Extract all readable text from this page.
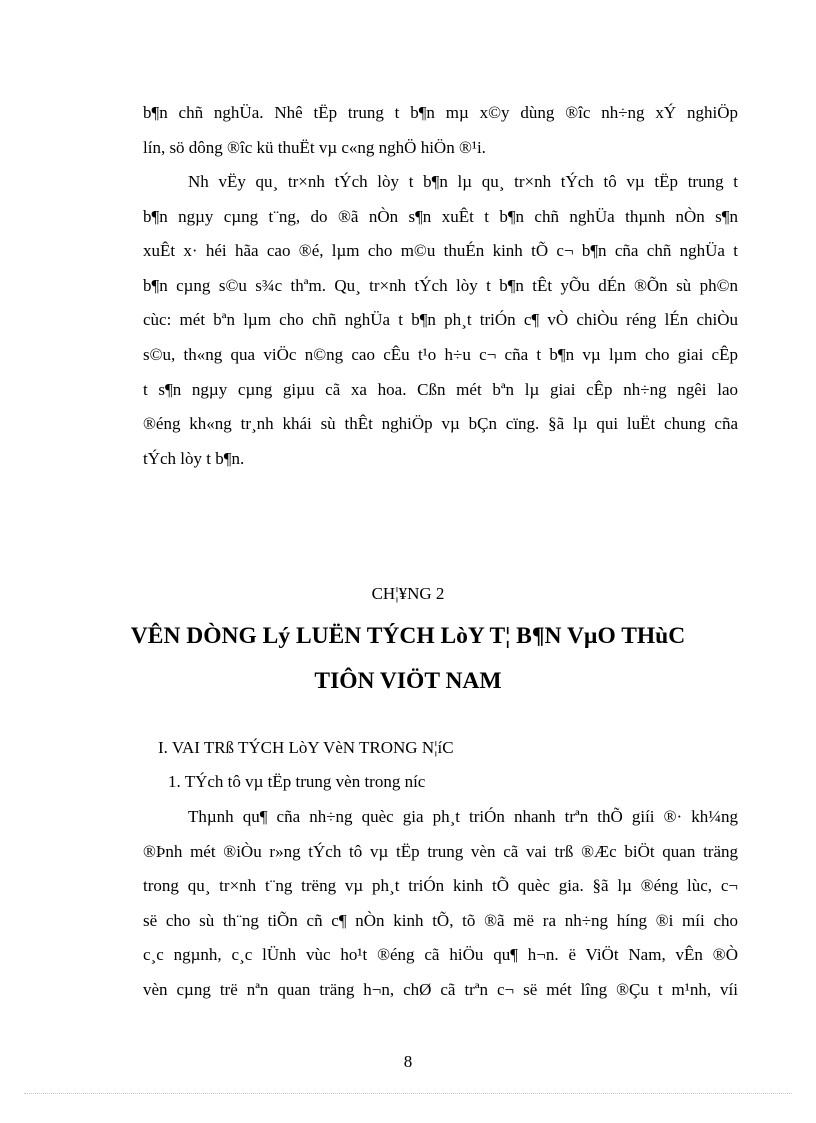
b¶n chñ nghÜa. Nhê tËp trung t b¶n mµ x©y dùng ®îc nh÷ng xÝ nghiÖp
lín, sö dông ®îc kü thuËt vµ c«ng nghÖ hiÖn ®¹i.
Nh vËy qu¸ tr×nh tÝch lòy t b¶n lµ qu¸ tr×nh tÝch tô vµ tËp trung t
b¶n ngµy cµng t¨ng, do ®ã nÒn s¶n xuÊt t b¶n chñ nghÜa thµnh nÒn s¶n
xuÊt x· héi hãa cao ®é, lµm cho m©u thuÉn kinh tÕ c¬ b¶n cña chñ nghÜa t
b¶n cµng s©u s¾c thªm. Qu¸ tr×nh tÝch lòy t b¶n tÊt yÕu dÉn ®Õn sù ph©n
cùc: mét bªn lµm cho chñ nghÜa t b¶n ph¸t triÓn c¶ vÒ chiÒu réng lÉn chiÒu
s©u, th«ng qua viÖc n©ng cao cÊu t¹o h÷u c¬ cña t b¶n vµ lµm cho giai cÊp
t s¶n ngµy cµng giµu cã xa hoa. Cßn mét bªn lµ giai cÊp nh÷ng ngêi lao
®éng kh«ng tr¸nh khái sù thÊt nghiÖp vµ bÇn cïng. §ã lµ qui luËt chung cña
tÝch lòy t b¶n.
CH¦¥NG 2
VÊN DÒNG Lý LUËN TÝCH LòY T¦ B¶N VµO THùC
TIÔN VIÖT NAM
I. VAI TRß TÝCH LòY VèN TRONG N¦íC
1. TÝch tô vµ tËp trung vèn trong níc
Thµnh qu¶ cña nh÷ng quèc gia ph¸t triÓn nhanh trªn thÕ giíi ®· kh¼ng
®Þnh mét ®iÒu r»ng tÝch tô vµ tËp trung vèn cã vai trß ®Æc biÖt quan träng
trong qu¸ tr×nh t¨ng trëng vµ ph¸t triÓn kinh tÕ quèc gia. §ã lµ ®éng lùc, c¬
së cho sù th¨ng tiÕn cñ c¶ nÒn kinh tÕ, tõ ®ã më ra nh÷ng híng ®i míi cho
c¸c ngµnh, c¸c lÜnh vùc ho¹t ®éng cã hiÖu qu¶ h¬n. ë ViÖt Nam, vÊn ®Ò
vèn cµng trë nªn quan träng h¬n, chØ cã trªn c¬ së mét lîng ®Çu t m¹nh, víi
8
